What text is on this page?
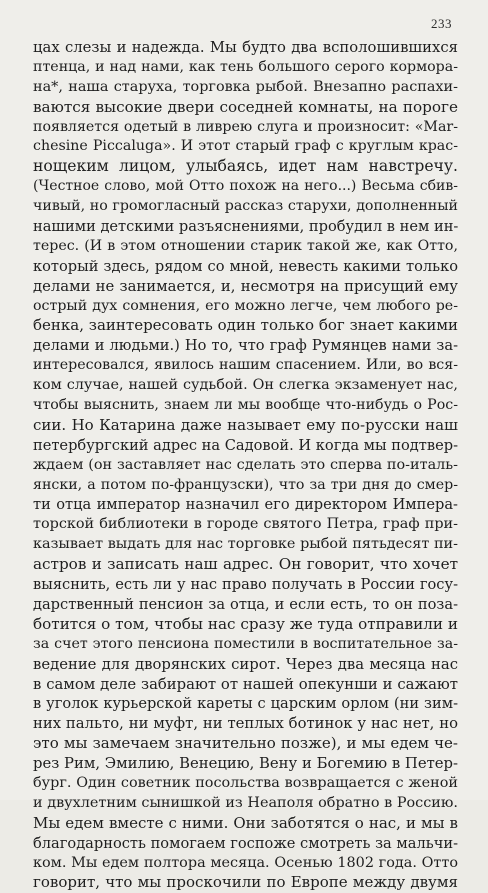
233
цах слезы и надежда. Мы будто два всполошившихся
птенца, и над нами, как тень большого серого кормора-
на*, наша старуха, торговка рыбой. Внезапно распахи-
ваются высокие двери соседней комнаты, на пороге
появляется одетый в ливрею слуга и произносит: «Mar-
chesine Piccaluga». И этот старый граф с круглым крас-
нощеким лицом, улыбаясь, идет нам навстречу.
(Честное слово, мой Отто похож на него...) Весьма сбив-
чивый, но громогласный рассказ старухи, дополненный
нашими детскими разъяснениями, пробудил в нем ин-
терес. (И в этом отношении старик такой же, как Отто,
который здесь, рядом со мной, невесть какими только
делами не занимается, и, несмотря на присущий ему
острый дух сомнения, его можно легче, чем любого ре-
бенка, заинтересовать один только бог знает какими
делами и людьми.) Но то, что граф Румянцев нами за-
интересовался, явилось нашим спасением. Или, во вся-
ком случае, нашей судьбой. Он слегка экзаменует нас,
чтобы выяснить, знаем ли мы вообще что-нибудь о Рос-
сии. Но Катарина даже называет ему по-русски наш
петербургский адрес на Садовой. И когда мы подтвер-
ждаем (он заставляет нас сделать это сперва по-италь-
янски, а потом по-французски), что за три дня до смер-
ти отца император назначил его директором Импера-
торской библиотеки в городе святого Петра, граф при-
казывает выдать для нас торговке рыбой пятьдесят пи-
астров и записать наш адрес. Он говорит, что хочет
выяснить, есть ли у нас право получать в России госу-
дарственный пенсион за отца, и если есть, то он поза-
ботится о том, чтобы нас сразу же туда отправили и
за счет этого пенсиона поместили в воспитательное за-
ведение для дворянских сирот. Через два месяца нас
в самом деле забирают от нашей опекунши и сажают
в уголок курьерской кареты с царским орлом (ни зим-
них пальто, ни муфт, ни теплых ботинок у нас нет, но
это мы замечаем значительно позже), и мы едем че-
рез Рим, Эмилию, Венецию, Вену и Богемию в Петер-
бург. Один советник посольства возвращается с женой
и двухлетним сынишкой из Неаполя обратно в Россию.
Мы едем вместе с ними. Они заботятся о нас, и мы в
благодарность помогаем госпоже смотреть за мальчи-
ком. Мы едем полтора месяца. Осенью 1802 года. Отто
говорит, что мы проскочили по Европе между двумя
